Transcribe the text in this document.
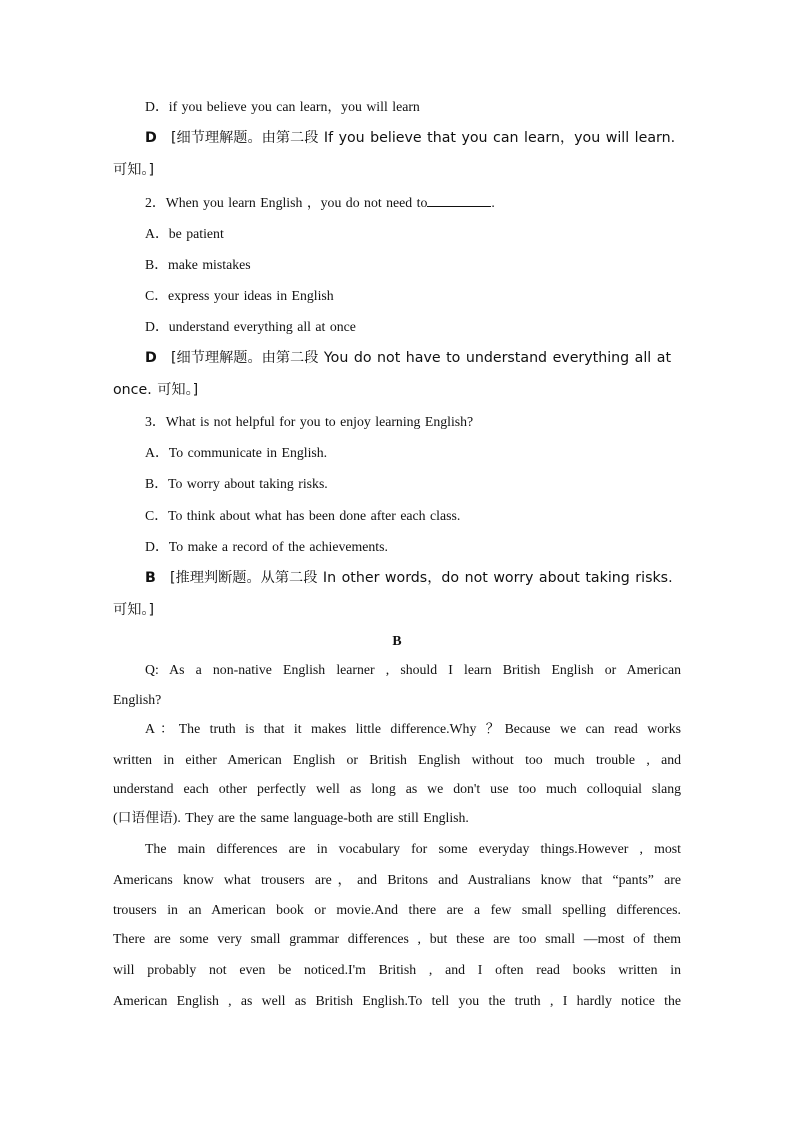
D．if you believe you can learn，you will learn
D　[细节理解题。由第二段 If you believe that you can learn，you will learn.
可知。]
2．When you learn English ，you do not need to	.
A．be patient
B．make mistakes
C．express your ideas in English
D．understand everything all at once
D　[细节理解题。由第二段 You do not have to understand everything all at
once. 可知。]
3．What is not helpful for you to enjoy learning English?
A．To communicate in English.
B．To worry about taking risks.
C．To think about what has been done after each class.
D．To make a record of the achievements.
B　[推理判断题。从第二段 In other words，do not worry about taking risks.
可知。]
B
Q: As a non-native English learner , should I learn British English or American
English?
A：The truth is that it makes little difference.Why ？Because we can read works
written in either American English or British English without too much trouble , and
understand each other perfectly well as long as we don't use too much colloquial slang
(口语俚语). They are the same language-both are still English.
The main differences are in vocabulary for some everyday things.However , most
Americans know what trousers are，and Britons and Australians know that “pants” are
trousers in an American book or movie.And there are a few small spelling differences.
There are some very small grammar differences , but these are too small —most of them
will probably not even be noticed.I'm British , and I often read books written in
American English , as well as British English.To tell you the truth , I hardly notice the
